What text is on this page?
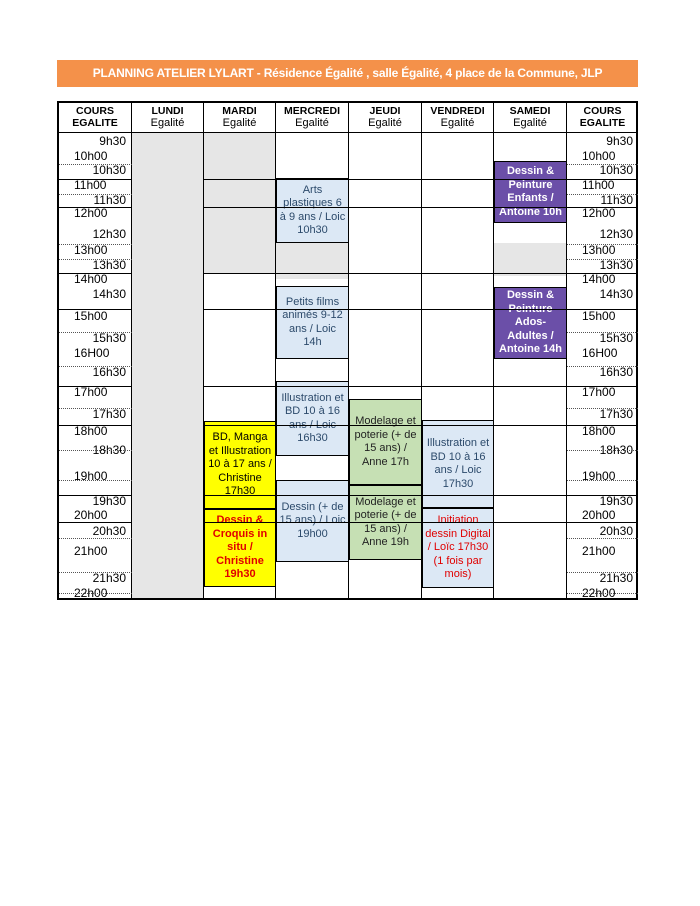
PLANNING ATELIER LYLART - Résidence Égalité , salle Égalité, 4 place de la Commune, JLP
COURS
EGALITE
LUNDI
Egalité
MARDI
Egalité
MERCREDI
Egalité
JEUDI
Egalité
VENDREDI
Egalité
SAMEDI
Egalité
COURS
EGALITE
9h30
10h00
10h30
11h00
11h30
12h00
12h30
13h00
13h30
14h00
14h30
15h00
15h30
16H00
16h30
17h00
17h30
18h00
18h30
19h00
19h30
20h00
20h30
21h00
21h30
22h00
9h30
10h00
10h30
11h00
11h30
12h00
12h30
13h00
13h30
14h00
14h30
15h00
15h30
16H00
16h30
17h00
17h30
18h00
18h30
19h00
19h30
20h00
20h30
21h00
21h30
22h00
Arts plastiques 6 à 9 ans / Loic 10h30
Petits films animés 9-12 ans / Loic 14h
Illustration et BD 10 à 16 ans / Loic 16h30
Dessin (+ de 15 ans) / Loic 19h00
BD, Manga et Illustration 10 à 17 ans / Christine 17h30
Dessin & Croquis in situ / Christine 19h30
Modelage et poterie (+ de 15 ans) / Anne 17h
Modelage et poterie (+ de 15 ans) / Anne 19h
Illustration et BD 10 à 16 ans / Loic 17h30
Initiation dessin Digital / Loïc 17h30 (1 fois par mois)
Dessin & Peinture Enfants / Antoine 10h
Dessin & Peinture Ados-Adultes / Antoine 14h
